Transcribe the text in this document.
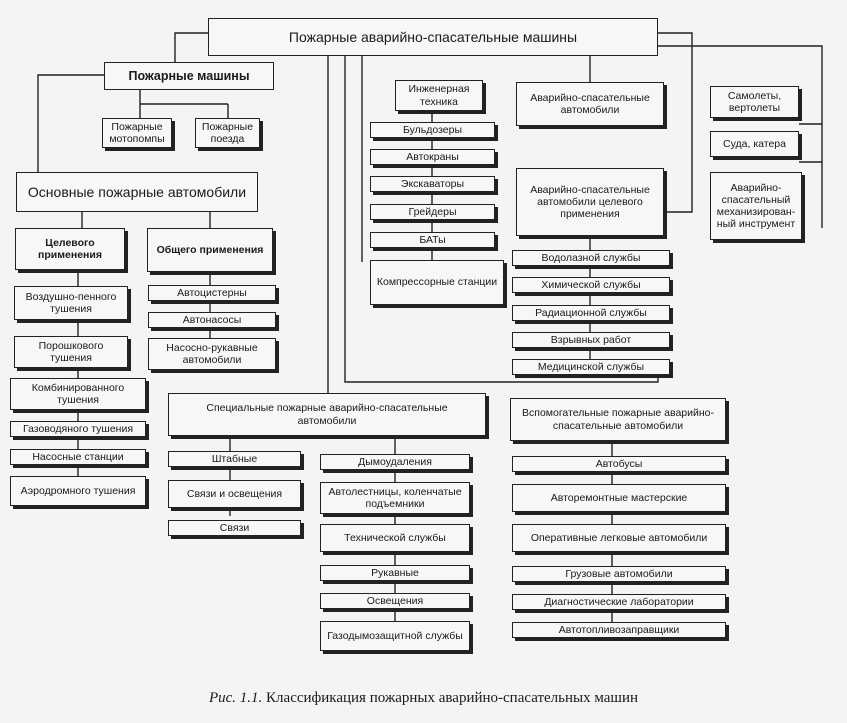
Пожарные аварийно-спасательные машины
Пожарные машины
Пожарные
мотопомпы
Пожарные
поезда
Основные пожарные автомобили
Целевого
применения	Общего применения
Воздушно-пенного
тушения
Порошкового
тушения
Комбинированного
тушения
Газоводяного тушения
Насосные станции
Аэродромного тушения
Автоцистерны
Автонасосы
Насосно-рукавные
автомобили
Инженерная
техника
Бульдозеры
Автокраны
Экскаваторы
Грейдеры
БАТы
Компрессорные станции
Аварийно-спасательные
автомобили
Аварийно-спасательные
автомобили целевого
применения
Водолазной службы
Химической службы
Радиационной службы
Взрывных работ
Медицинской службы
Самолеты,
вертолеты
Суда, катера
Аварийно-
спасательный
механизирован-
ный инструмент
Специальные пожарные аварийно-спасательные
автомобили
Штабные
Связи и освещения
Связи
Дымоудаления
Автолестницы, коленчатые
подъемники
Технической службы
Рукавные
Освещения
Газодымозащитной службы
Вспомогательные пожарные аварийно-
спасательные автомобили
Автобусы
Авторемонтные мастерские
Оперативные легковые автомобили
Грузовые автомобили
Диагностические лаборатории
Автотопливозаправщики
Рис. 1.1. Классификация пожарных аварийно-спасательных машин
